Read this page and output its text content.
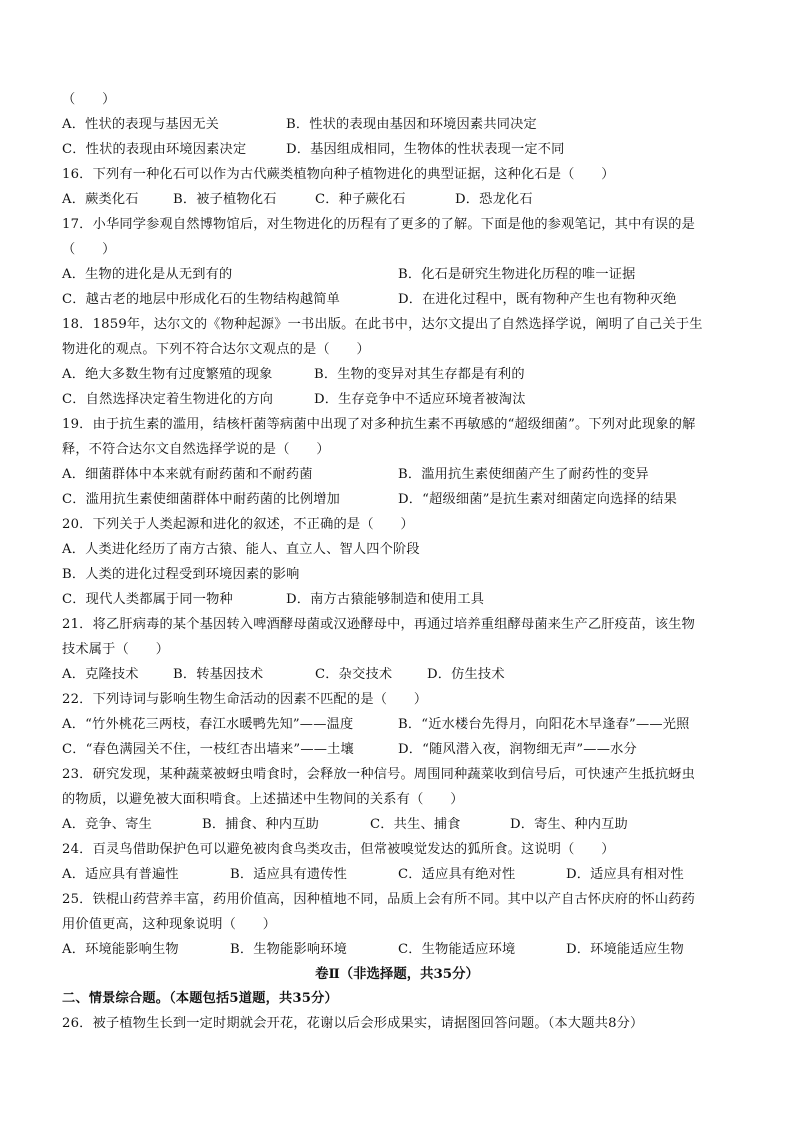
（　　）
A．性状的表现与基因无关	B．性状的表现由基因和环境因素共同决定
C．性状的表现由环境因素决定	D．基因组成相同，生物体的性状表现一定不同
16．下列有一种化石可以作为古代蕨类植物向种子植物进化的典型证据，这种化石是（　　）
A．蕨类化石	B．被子植物化石	C．种子蕨化石	D．恐龙化石
17．小华同学参观自然博物馆后，对生物进化的历程有了更多的了解。下面是他的参观笔记，其中有误的是
（　　）
A．生物的进化是从无到有的	B．化石是研究生物进化历程的唯一证据
C．越古老的地层中形成化石的生物结构越简单	D．在进化过程中，既有物种产生也有物种灭绝
18．1859年，达尔文的《物种起源》一书出版。在此书中，达尔文提出了自然选择学说，阐明了自己关于生
物进化的观点。下列不符合达尔文观点的是（　　）
A．绝大多数生物有过度繁殖的现象	B．生物的变异对其生存都是有利的
C．自然选择决定着生物进化的方向	D．生存竞争中不适应环境者被淘汰
19．由于抗生素的滥用，结核杆菌等病菌中出现了对多种抗生素不再敏感的“超级细菌”。下列对此现象的解
释，不符合达尔文自然选择学说的是（　　）
A．细菌群体中本来就有耐药菌和不耐药菌	B．滥用抗生素使细菌产生了耐药性的变异
C．滥用抗生素使细菌群体中耐药菌的比例增加	D．“超级细菌”是抗生素对细菌定向选择的结果
20．下列关于人类起源和进化的叙述，不正确的是（　　）
A．人类进化经历了南方古猿、能人、直立人、智人四个阶段
B．人类的进化过程受到环境因素的影响
C．现代人类都属于同一物种	D．南方古猿能够制造和使用工具
21．将乙肝病毒的某个基因转入啤酒酵母菌或汉逊酵母中，再通过培养重组酵母菌来生产乙肝疫苗，该生物
技术属于（　　）
A．克隆技术	B．转基因技术	C．杂交技术	D．仿生技术
22．下列诗词与影响生物生命活动的因素不匹配的是（　　）
A．“竹外桃花三两枝，春江水暖鸭先知”——温度	B．“近水楼台先得月，向阳花木早逢春”——光照
C．“春色满园关不住，一枝红杏出墙来”——土壤	D．“随风潜入夜，润物细无声”——水分
23．研究发现，某种蔬菜被蚜虫啃食时，会释放一种信号。周围同种蔬菜收到信号后，可快速产生抵抗蚜虫
的物质，以避免被大面积啃食。上述描述中生物间的关系有（　　）
A．竞争、寄生	B．捕食、种内互助	C．共生、捕食	D．寄生、种内互助
24．百灵鸟借助保护色可以避免被肉食鸟类攻击，但常被嗅觉发达的狐所食。这说明（　　）
A．适应具有普遍性	B．适应具有遗传性	C．适应具有绝对性	D．适应具有相对性
25．铁棍山药营养丰富，药用价值高，因种植地不同，品质上会有所不同。其中以产自古怀庆府的怀山药药
用价值更高，这种现象说明（　　）
A．环境能影响生物	B．生物能影响环境	C．生物能适应环境	D．环境能适应生物
卷Ⅱ（非选择题，共35分）
二、情景综合题。（本题包括5道题，共35分）
26．被子植物生长到一定时期就会开花，花谢以后会形成果实，请据图回答问题。（本大题共8分）
